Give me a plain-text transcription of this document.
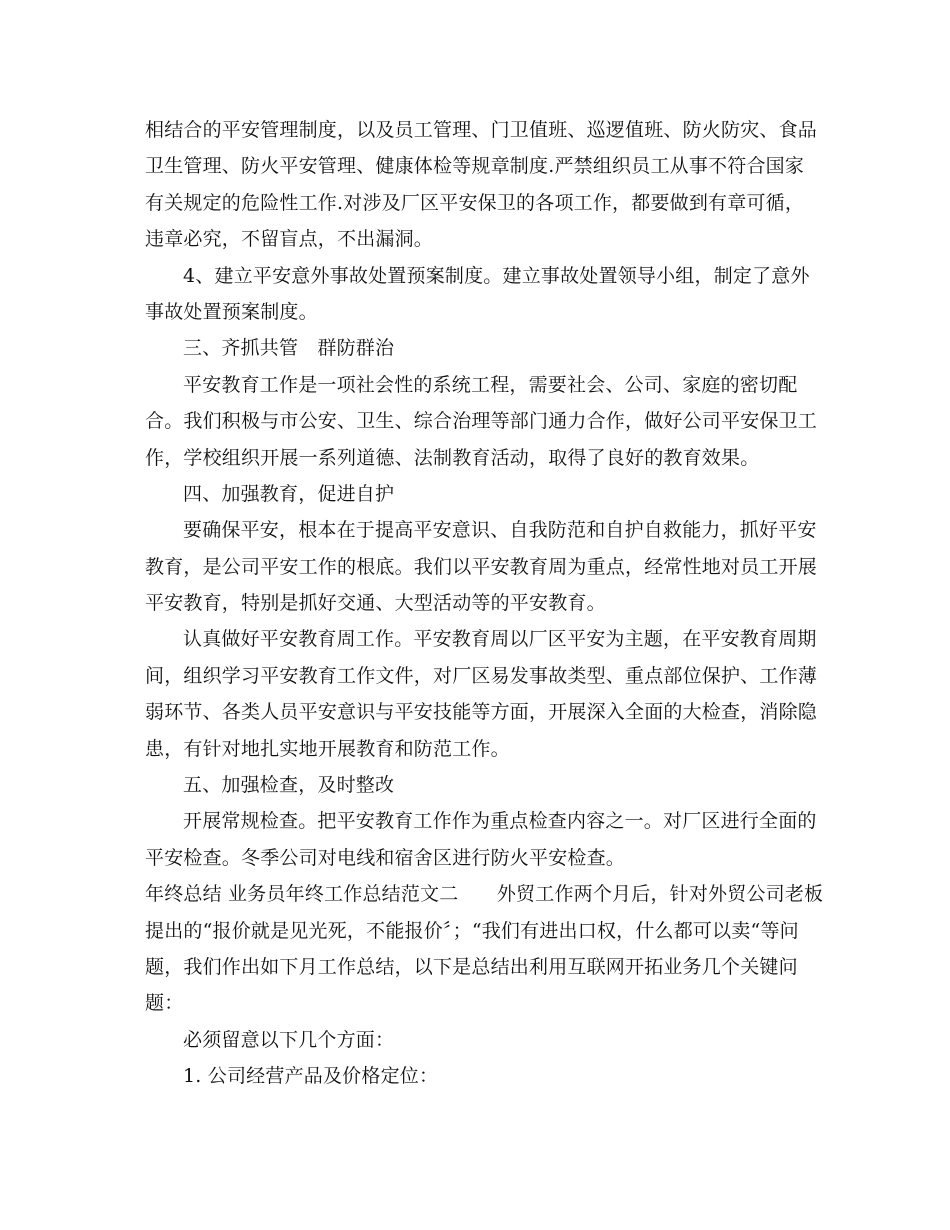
相结合的平安管理制度，以及员工管理、门卫值班、巡逻值班、防火防灾、食品
卫生管理、防火平安管理、健康体检等规章制度.严禁组织员工从事不符合国家
有关规定的危险性工作.对涉及厂区平安保卫的各项工作，都要做到有章可循，
违章必究，不留盲点，不出漏洞。
4、建立平安意外事故处置预案制度。建立事故处置领导小组，制定了意外
事故处置预案制度。
三、齐抓共管　群防群治
平安教育工作是一项社会性的系统工程，需要社会、公司、家庭的密切配
合。我们积极与市公安、卫生、综合治理等部门通力合作，做好公司平安保卫工
作，学校组织开展一系列道德、法制教育活动，取得了良好的教育效果。
四、加强教育，促进自护
要确保平安，根本在于提高平安意识、自我防范和自护自救能力，抓好平安
教育，是公司平安工作的根底。我们以平安教育周为重点，经常性地对员工开展
平安教育，特别是抓好交通、大型活动等的平安教育。
认真做好平安教育周工作。平安教育周以厂区平安为主题，在平安教育周期
间，组织学习平安教育工作文件，对厂区易发事故类型、重点部位保护、工作薄
弱环节、各类人员平安意识与平安技能等方面，开展深入全面的大检查，消除隐
患，有针对地扎实地开展教育和防范工作。
五、加强检查，及时整改
开展常规检查。把平安教育工作作为重点检查内容之一。对厂区进行全面的
平安检查。冬季公司对电线和宿舍区进行防火平安检查。
年终总结 业务员年终工作总结范文二　　外贸工作两个月后，针对外贸公司老板
提出的“报价就是见光死，不能报价〞；“我们有进出口权，什么都可以卖“等问
题，我们作出如下月工作总结，以下是总结出利用互联网开拓业务几个关键问
题：
必须留意以下几个方面：
1. 公司经营产品及价格定位：
